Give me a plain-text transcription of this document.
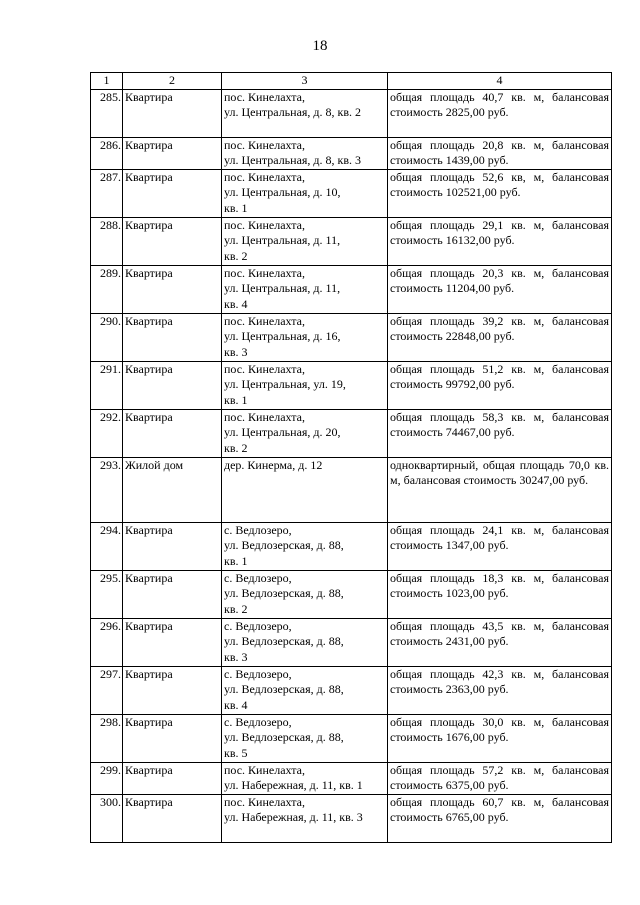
18
1	2	3	4
285.	Квартира	пос. Кинелахта,
ул. Центральная, д. 8, кв. 2	общая площадь 40,7 кв. м, балансовая стоимость 2825,00 руб.
286.	Квартира	пос. Кинелахта,
ул. Центральная, д. 8, кв. 3	общая площадь 20,8 кв. м, балансовая стоимость 1439,00 руб.
287.	Квартира	пос. Кинелахта,
ул. Центральная, д. 10,
кв. 1	общая площадь 52,6 кв, м, балансовая стоимость 102521,00 руб.
288.	Квартира	пос. Кинелахта,
ул. Центральная, д. 11,
кв. 2	общая площадь 29,1 кв. м, балансовая стоимость 16132,00 руб.
289.	Квартира	пос. Кинелахта,
ул. Центральная, д. 11,
кв. 4	общая площадь 20,3 кв. м, балансовая стоимость 11204,00 руб.
290.	Квартира	пос. Кинелахта,
ул. Центральная, д. 16,
кв. 3	общая площадь 39,2 кв. м, балансовая стоимость 22848,00 руб.
291.	Квартира	пос. Кинелахта,
ул. Центральная, ул. 19,
кв. 1	общая площадь 51,2 кв. м, балансовая стоимость 99792,00 руб.
292.	Квартира	пос. Кинелахта,
ул. Центральная, д. 20,
кв. 2	общая площадь 58,3 кв. м, балансовая стоимость 74467,00 руб.
293.	Жилой дом	дер. Кинерма, д. 12	одноквартирный, общая площадь 70,0 кв. м, балансовая стоимость 30247,00 руб.
294.	Квартира	с. Ведлозеро,
ул. Ведлозерская, д. 88,
кв. 1	общая площадь 24,1 кв. м, балансовая стоимость 1347,00 руб.
295.	Квартира	с. Ведлозеро,
ул. Ведлозерская, д. 88,
кв. 2	общая площадь 18,3 кв. м, балансовая стоимость 1023,00 руб.
296.	Квартира	с. Ведлозеро,
ул. Ведлозерская, д. 88,
кв. 3	общая площадь 43,5 кв. м, балансовая стоимость 2431,00 руб.
297.	Квартира	с. Ведлозеро,
ул. Ведлозерская, д. 88,
кв. 4	общая площадь 42,3 кв. м, балансовая стоимость 2363,00 руб.
298.	Квартира	с. Ведлозеро,
ул. Ведлозерская, д. 88,
кв. 5	общая площадь 30,0 кв. м, балансовая стоимость 1676,00 руб.
299.	Квартира	пос. Кинелахта,
ул. Набережная, д. 11, кв. 1	общая площадь 57,2 кв. м, балансовая стоимость 6375,00 руб.
300.	Квартира	пос. Кинелахта,
ул. Набережная, д. 11, кв. 3	общая площадь 60,7 кв. м, балансовая стоимость 6765,00 руб.
